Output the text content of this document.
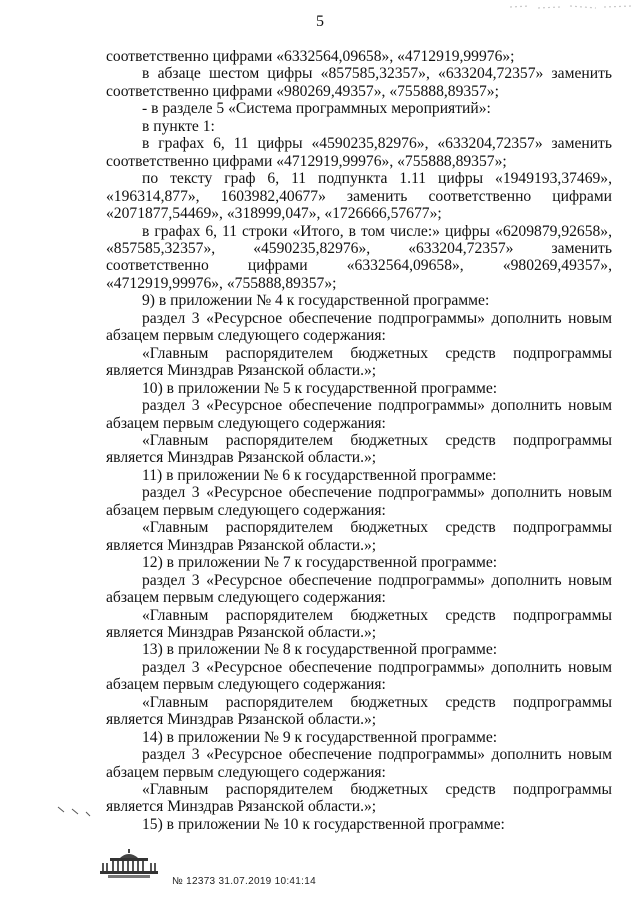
5

соответственно цифрами «6332564,09658», «4712919,99976»;

в абзаце шестом цифры «857585,32357», «633204,72357» заменить

соответственно цифрами «980269,49357», «755888,89357»;

- в разделе 5 «Система программных мероприятий»:

в пункте 1:

в графах 6, 11 цифры «4590235,82976», «633204,72357» заменить соответственно цифрами «4712919,99976», «755888,89357»;

по тексту граф 6, 11 подпункта 1.11 цифры «1949193,37469», «196314,877», 1603982,40677» заменить соответственно цифрами «2071877,54469», «318999,047», «1726666,57677»;

в графах 6, 11 строки «Итого, в том числе:» цифры «6209879,92658», «857585,32357», «4590235,82976», «633204,72357» заменить соответственно цифрами «6332564,09658», «980269,49357», «4712919,99976», «755888,89357»;

9) в приложении № 4 к государственной программе:

раздел 3 «Ресурсное обеспечение подпрограммы» дополнить новым абзацем первым следующего содержания:

«Главным распорядителем бюджетных средств подпрограммы является Минздрав Рязанской области.»;

10) в приложении № 5 к государственной программе:

раздел 3 «Ресурсное обеспечение подпрограммы» дополнить новым абзацем первым следующего содержания:

«Главным распорядителем бюджетных средств подпрограммы является Минздрав Рязанской области.»;

11) в приложении № 6 к государственной программе:

раздел 3 «Ресурсное обеспечение подпрограммы» дополнить новым абзацем первым следующего содержания:

«Главным распорядителем бюджетных средств подпрограммы является Минздрав Рязанской области.»;

12) в приложении № 7 к государственной программе:

раздел 3 «Ресурсное обеспечение подпрограммы» дополнить новым абзацем первым следующего содержания:

«Главным распорядителем бюджетных средств подпрограммы является Минздрав Рязанской области.»;

13) в приложении № 8 к государственной программе:

раздел 3 «Ресурсное обеспечение подпрограммы» дополнить новым абзацем первым следующего содержания:

«Главным распорядителем бюджетных средств подпрограммы является Минздрав Рязанской области.»;

14) в приложении № 9 к государственной программе:

раздел 3 «Ресурсное обеспечение подпрограммы» дополнить новым абзацем первым следующего содержания:

«Главным распорядителем бюджетных средств подпрограммы является Минздрав Рязанской области.»;

15) в приложении № 10 к государственной программе:

№ 12373 31.07.2019 10:41:14
